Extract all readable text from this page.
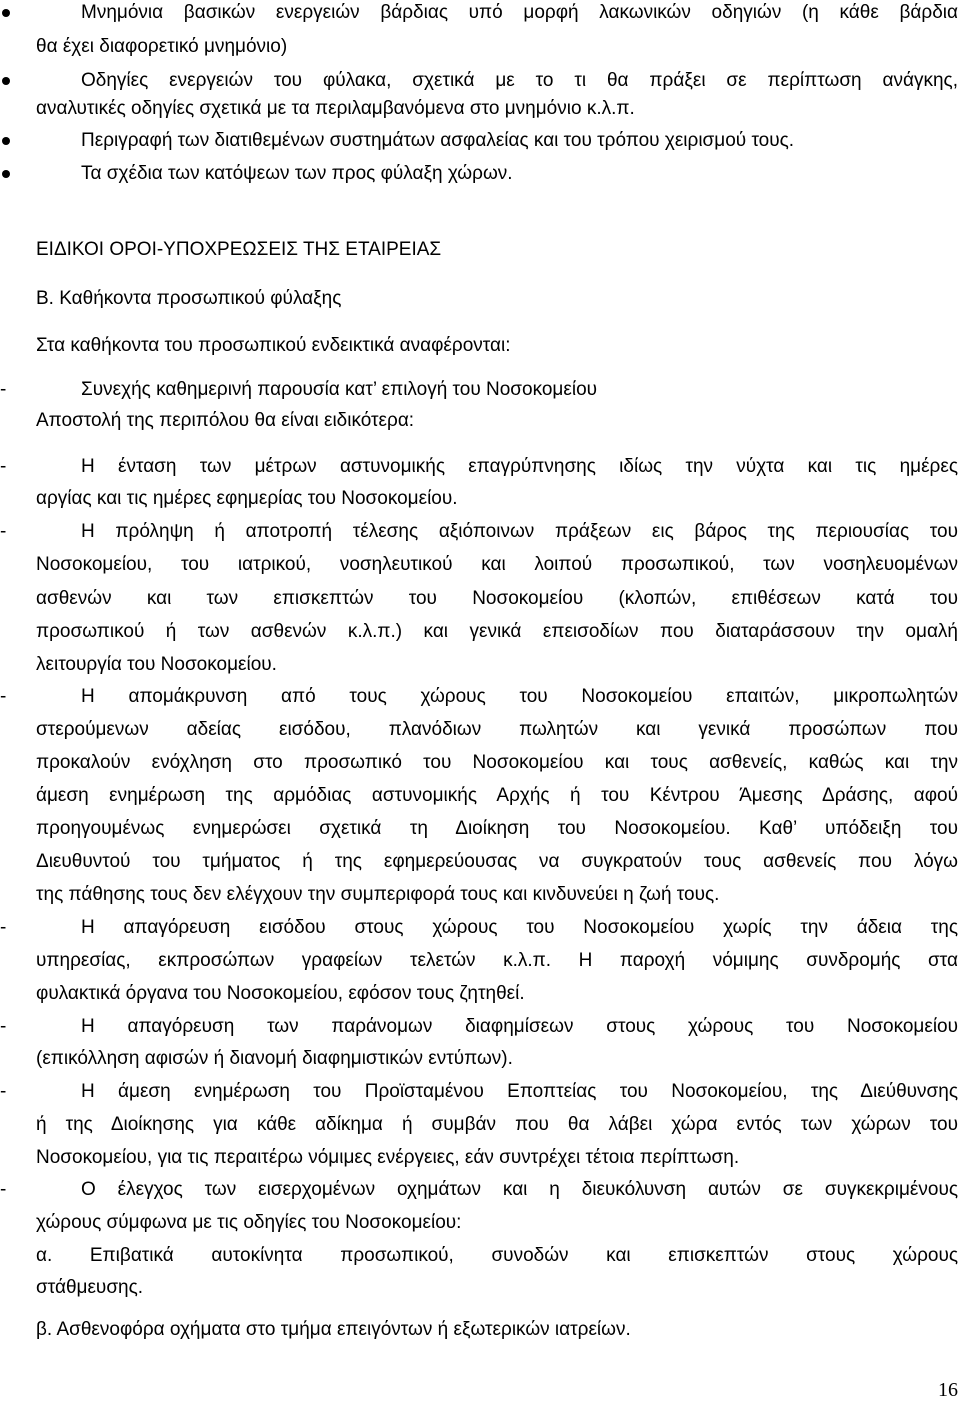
Μνημόνια βασικών ενεργειών βάρδιας υπό μορφή λακωνικών οδηγιών (η κάθε βάρδια
θα έχει διαφορετικό μνημόνιο)
Οδηγίες ενεργειών του φύλακα, σχετικά με το τι θα πράξει σε περίπτωση ανάγκης,
αναλυτικές οδηγίες σχετικά με τα περιλαμβανόμενα στο μνημόνιο κ.λ.π.
Περιγραφή των διατιθεμένων συστημάτων ασφαλείας και του τρόπου χειρισμού τους.
Τα σχέδια των κατόψεων των προς φύλαξη χώρων.
ΕΙΔΙΚΟΙ ΟΡΟΙ-ΥΠΟΧΡΕΩΣΕΙΣ ΤΗΣ ΕΤΑΙΡΕΙΑΣ
Β. Καθήκοντα προσωπικού φύλαξης
Στα καθήκοντα του προσωπικού ενδεικτικά αναφέρονται:
-	Συνεχής καθημερινή παρουσία κατ’ επιλογή του Νοσοκομείου
Αποστολή της περιπόλου θα είναι ειδικότερα:
-	Η ένταση των μέτρων αστυνομικής επαγρύπνησης ιδίως την νύχτα και τις ημέρες
αργίας και τις ημέρες εφημερίας του Νοσοκομείου.
-	Η πρόληψη ή αποτροπή τέλεσης αξιόποινων πράξεων εις βάρος της περιουσίας του
Νοσοκομείου, του ιατρικού, νοσηλευτικού και λοιπού προσωπικού, των νοσηλευομένων
ασθενών και των επισκεπτών του Νοσοκομείου (κλοπών, επιθέσεων κατά του
προσωπικού ή των ασθενών κ.λ.π.) και γενικά επεισοδίων που διαταράσσουν την ομαλή
λειτουργία του Νοσοκομείου.
-	Η απομάκρυνση από τους χώρους του Νοσοκομείου επαιτών, μικροπωλητών
στερούμενων αδείας εισόδου, πλανόδιων πωλητών και γενικά προσώπων που
προκαλούν ενόχληση στο προσωπικό του Νοσοκομείου και τους ασθενείς, καθώς και την
άμεση ενημέρωση της αρμόδιας αστυνομικής Αρχής ή του Κέντρου Άμεσης Δράσης, αφού
προηγουμένως ενημερώσει σχετικά τη Διοίκηση του Νοσοκομείου. Καθ’ υπόδειξη του
Διευθυντού του τμήματος ή της εφημερεύουσας να συγκρατούν τους ασθενείς που λόγω
της πάθησης τους δεν ελέγχουν την συμπεριφορά τους και κινδυνεύει η ζωή τους.
-	Η απαγόρευση εισόδου στους χώρους του Νοσοκομείου χωρίς την άδεια της
υπηρεσίας, εκπροσώπων γραφείων τελετών κ.λ.π. Η παροχή νόμιμης συνδρομής στα
φυλακτικά όργανα του Νοσοκομείου, εφόσον τους ζητηθεί.
-	Η απαγόρευση των παράνομων διαφημίσεων στους χώρους του Νοσοκομείου
(επικόλληση αφισών ή διανομή διαφημιστικών εντύπων).
-	Η άμεση ενημέρωση του Προϊσταμένου Εποπτείας του Νοσοκομείου, της Διεύθυνσης
ή της Διοίκησης για κάθε αδίκημα ή συμβάν που θα λάβει χώρα εντός των χώρων του
Νοσοκομείου, για τις περαιτέρω νόμιμες ενέργειες, εάν συντρέχει τέτοια περίπτωση.
-	Ο έλεγχος των εισερχομένων οχημάτων και η διευκόλυνση αυτών σε συγκεκριμένους
χώρους σύμφωνα με τις οδηγίες του Νοσοκομείου:
α. Επιβατικά αυτοκίνητα προσωπικού, συνοδών και επισκεπτών στους χώρους
στάθμευσης.
β. Ασθενοφόρα οχήματα στο τμήμα επειγόντων ή εξωτερικών ιατρείων.
16
